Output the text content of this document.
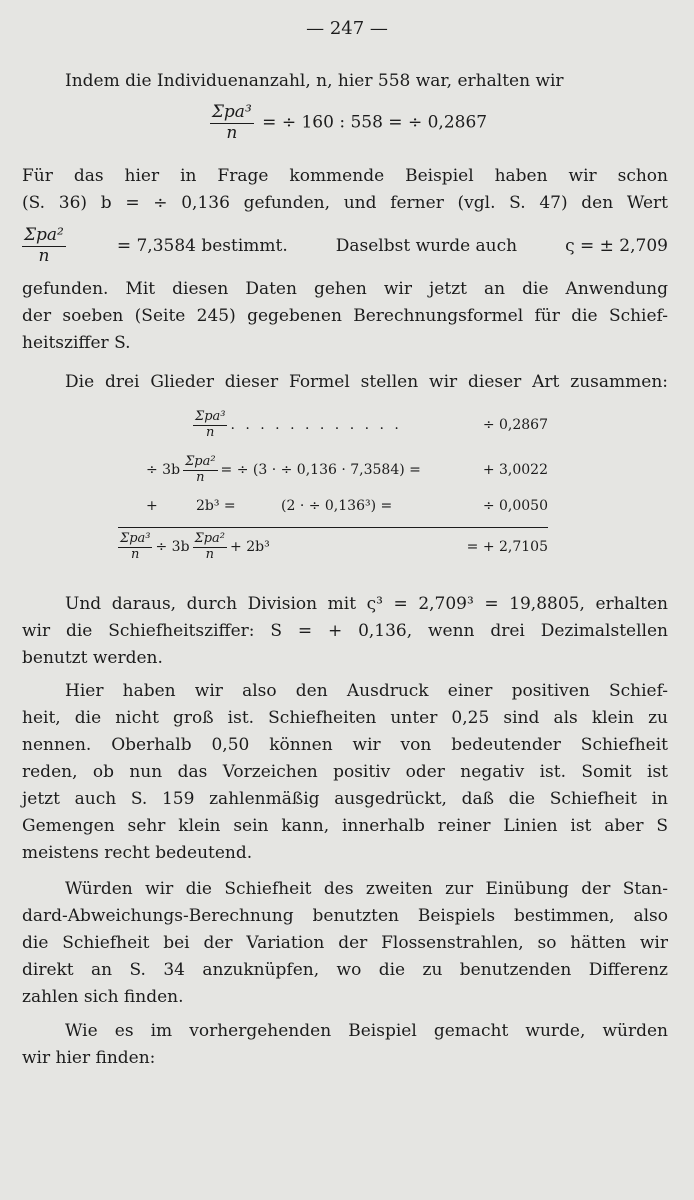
— 247 —
Indem die Individuenanzahl, n, hier 558 war, erhalten wir
$\frac{\text{Σpa³}}{n}$ = ÷ 160 : 558 = ÷ 0,2867
Für das hier in Frage kommende Beispiel haben wir schon
(S. 36) b = ÷ 0,136 gefunden, und ferner (vgl. S. 47) den Wert
$\frac{\text{Σpa²}}{n}$	= 7,3584 bestimmt.	Daselbst wurde auch	ς = ± 2,709
gefunden. Mit diesen Daten gehen wir jetzt an die Anwendung
der soeben (Seite 245) gegebenen Berechnungsformel für die Schief-
heitsziffer S.
Die drei Glieder dieser Formel stellen wir dieser Art zusammen:
$\frac{\text{Σpa³}}{n}$ . . . . . . . . . . . .	÷ 0,2867
÷ $3b \frac{\text{Σpa²}}{n}$ = ÷ (3 · ÷ 0,136 · 7,3584) =	+ 3,0022
+	2b³ =	(2 · ÷ 0,136³) =	÷ 0,0050
$\frac{\text{Σpa³}}{n} \div 3b \frac{\text{Σpa²}}{n} + 2b^3$	= + 2,7105
Und daraus, durch Division mit ς³ = 2,709³ = 19,8805, erhalten
wir die Schiefheitsziffer: S = + 0,136, wenn drei Dezimalstellen
benutzt werden.
Hier haben wir also den Ausdruck einer positiven Schief-
heit, die nicht groß ist. Schiefheiten unter 0,25 sind als klein zu
nennen. Oberhalb 0,50 können wir von bedeutender Schiefheit
reden, ob nun das Vorzeichen positiv oder negativ ist. Somit ist
jetzt auch S. 159 zahlenmäßig ausgedrückt, daß die Schiefheit in
Gemengen sehr klein sein kann, innerhalb reiner Linien ist aber S
meistens recht bedeutend.
Würden wir die Schiefheit des zweiten zur Einübung der Stan-
dard-Abweichungs-Berechnung benutzten Beispiels bestimmen, also
die Schiefheit bei der Variation der Flossenstrahlen, so hätten wir
direkt an S. 34 anzuknüpfen, wo die zu benutzenden Differenz
zahlen sich finden.
Wie es im vorhergehenden Beispiel gemacht wurde, würden
wir hier finden:
